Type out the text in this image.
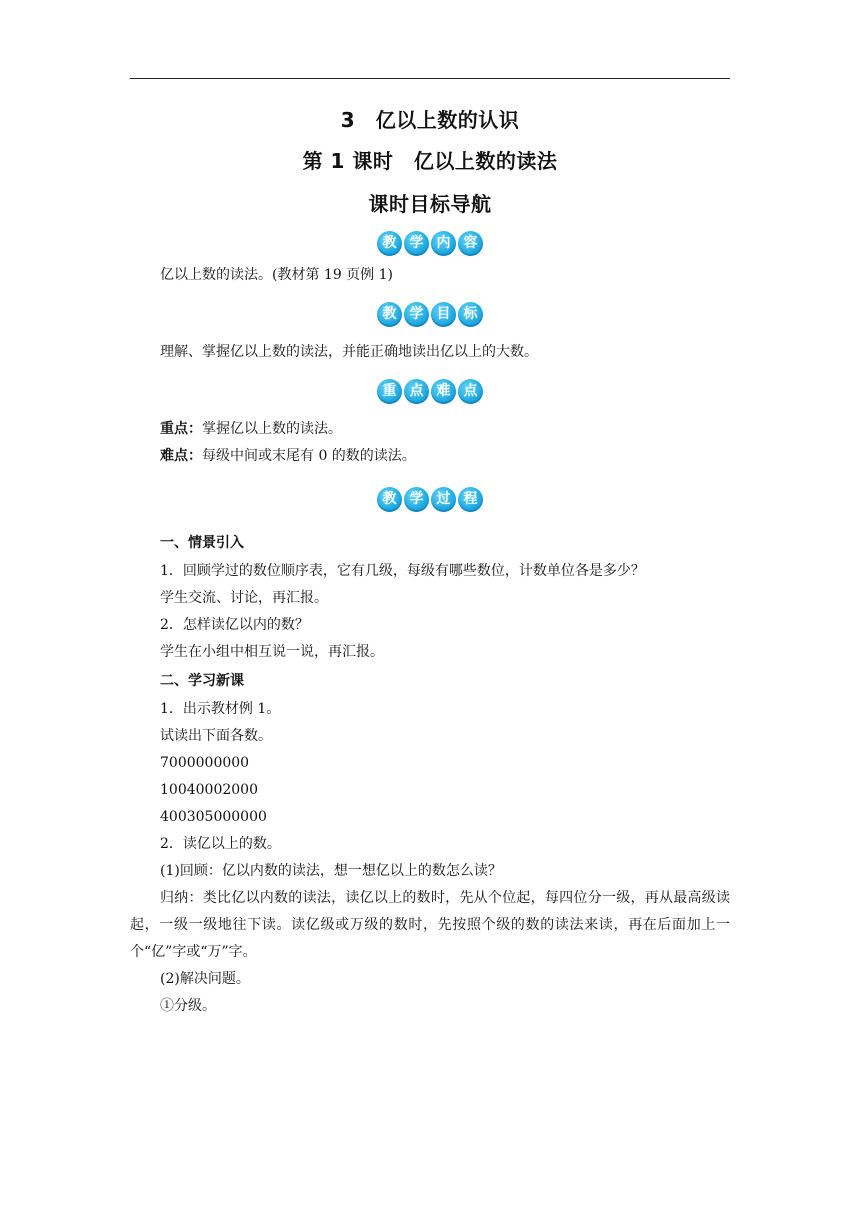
3　亿以上数的认识
第 1 课时　亿以上数的读法
课时目标导航
教 学 内 容
亿以上数的读法。(教材第 19 页例 1)
教 学 目 标
理解、掌握亿以上数的读法，并能正确地读出亿以上的大数。
重 点 难 点
重点：掌握亿以上数的读法。
难点：每级中间或末尾有 0 的数的读法。
教 学 过 程
一、情景引入
1．回顾学过的数位顺序表，它有几级，每级有哪些数位，计数单位各是多少？
学生交流、讨论，再汇报。
2．怎样读亿以内的数？
学生在小组中相互说一说，再汇报。
二、学习新课
1．出示教材例 1。
试读出下面各数。
7000000000
10040002000
400305000000
2．读亿以上的数。
(1)回顾：亿以内数的读法，想一想亿以上的数怎么读？
归纳：类比亿以内数的读法，读亿以上的数时，先从个位起，每四位分一级，再从最高级读起，一级一级地往下读。读亿级或万级的数时，先按照个级的数的读法来读，再在后面加上一个“亿”字或“万”字。
(2)解决问题。
①分级。
